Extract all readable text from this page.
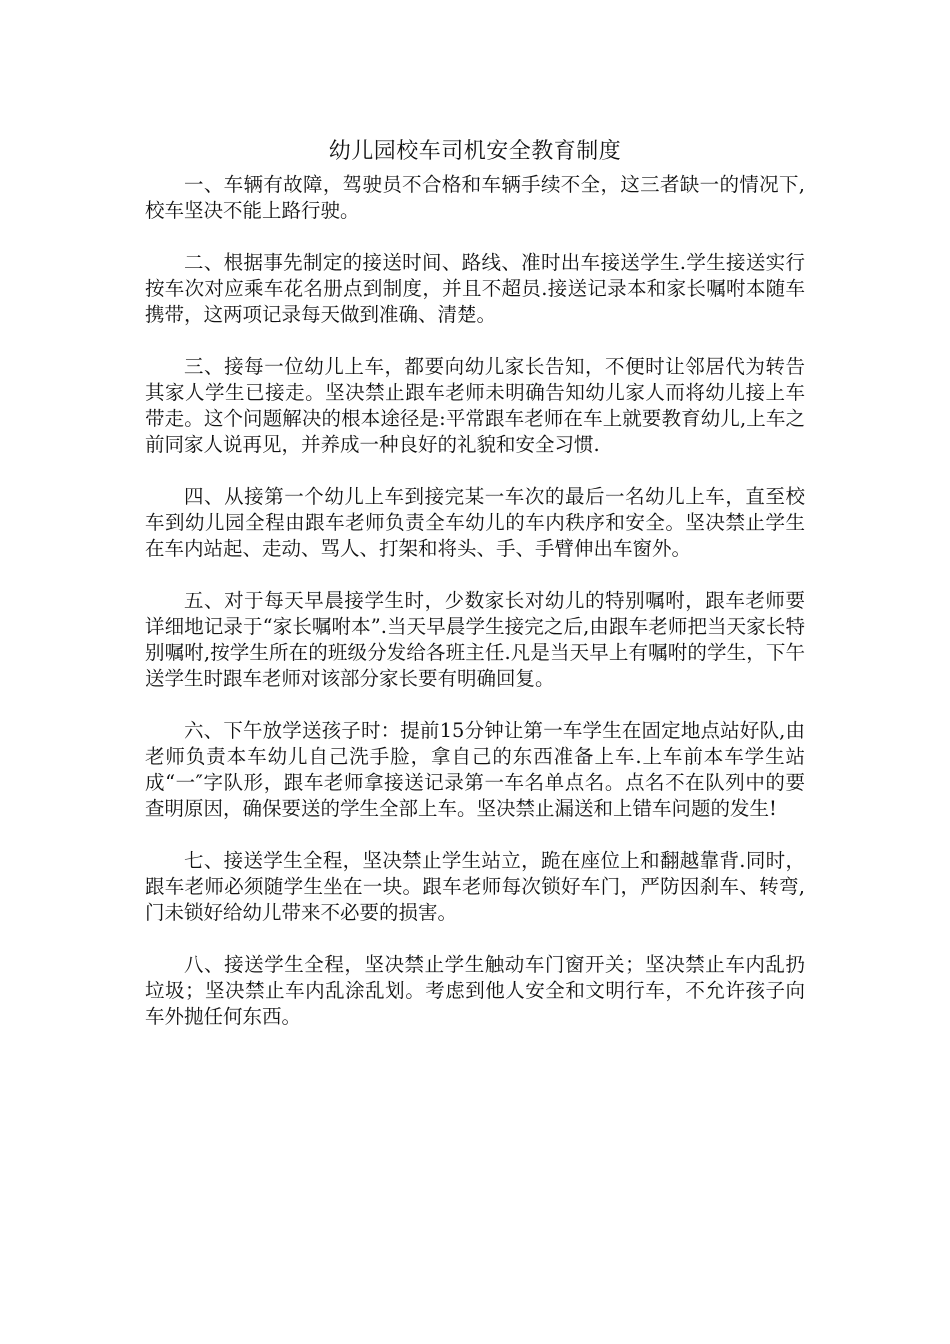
幼儿园校车司机安全教育制度

一、车辆有故障，驾驶员不合格和车辆手续不全，这三者缺一的情况下,校车坚决不能上路行驶。

二、根据事先制定的接送时间、路线、准时出车接送学生.学生接送实行按车次对应乘车花名册点到制度，并且不超员.接送记录本和家长嘱咐本随车携带，这两项记录每天做到准确、清楚。

三、接每一位幼儿上车，都要向幼儿家长告知，不便时让邻居代为转告其家人学生已接走。坚决禁止跟车老师未明确告知幼儿家人而将幼儿接上车带走。这个问题解决的根本途径是:平常跟车老师在车上就要教育幼儿,上车之前同家人说再见，并养成一种良好的礼貌和安全习惯.

四、从接第一个幼儿上车到接完某一车次的最后一名幼儿上车，直至校车到幼儿园全程由跟车老师负责全车幼儿的车内秩序和安全。坚决禁止学生在车内站起、走动、骂人、打架和将头、手、手臂伸出车窗外。

五、对于每天早晨接学生时，少数家长对幼儿的特别嘱咐，跟车老师要详细地记录于“家长嘱咐本”.当天早晨学生接完之后,由跟车老师把当天家长特别嘱咐,按学生所在的班级分发给各班主任.凡是当天早上有嘱咐的学生，下午送学生时跟车老师对该部分家长要有明确回复。

六、下午放学送孩子时：提前15分钟让第一车学生在固定地点站好队,由老师负责本车幼儿自己洗手脸，拿自己的东西准备上车.上车前本车学生站成“一″字队形，跟车老师拿接送记录第一车名单点名。点名不在队列中的要查明原因，确保要送的学生全部上车。坚决禁止漏送和上错车问题的发生!

七、接送学生全程，坚决禁止学生站立，跪在座位上和翻越靠背.同时，跟车老师必须随学生坐在一块。跟车老师每次锁好车门，严防因刹车、转弯,门未锁好给幼儿带来不必要的损害。

八、接送学生全程，坚决禁止学生触动车门窗开关；坚决禁止车内乱扔垃圾；坚决禁止车内乱涂乱划。考虑到他人安全和文明行车，不允许孩子向车外抛任何东西。
